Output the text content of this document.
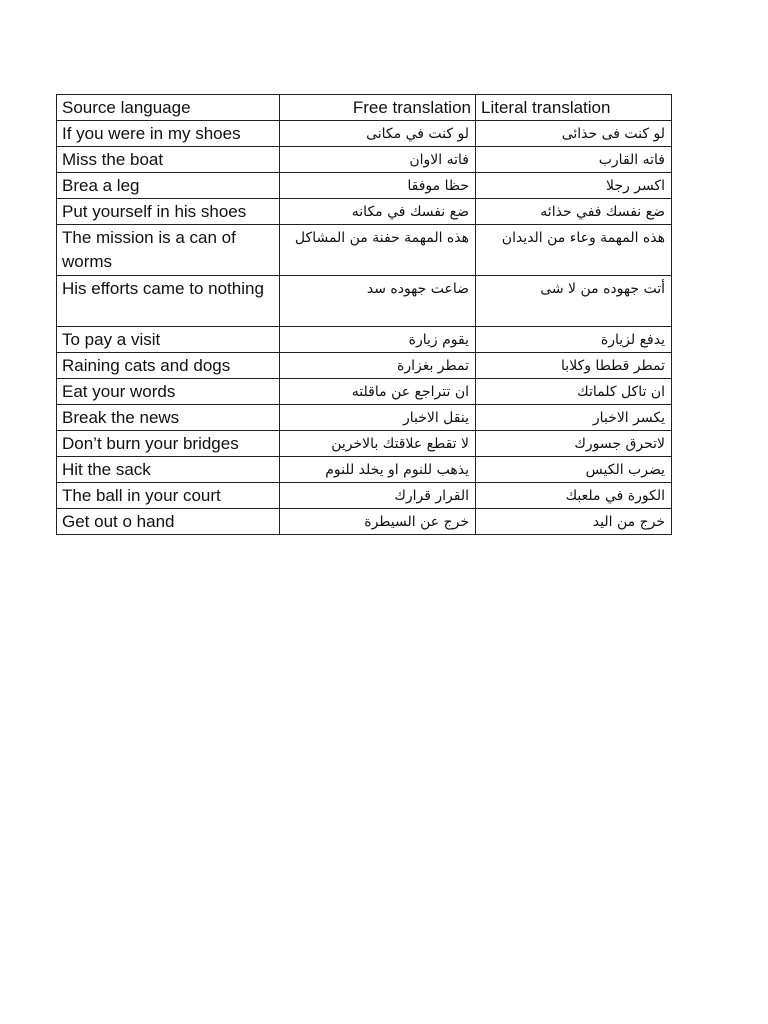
Source language	Free translation	Literal translation
If you were in my shoes	لو كنت في مكانى	لو كنت فى حذائى
Miss the boat	فاته الاوان	فاته القارب
Brea a leg	حظا موفقا	اكسر رجلا
Put yourself in his shoes	ضع نفسك في مكانه	ضع نفسك ففي حذائه
The mission is a can of worms	هذه المهمة حفنة من المشاكل	هذه المهمة وعاء من الديدان
His efforts came to nothing	ضاعت جهوده سد	أتت جهوده من لا شى
To pay a visit	يقوم زيارة	يدفع لزيارة
Raining cats and dogs	تمطر بغزارة	تمطر قططا وكلابا
Eat your words	ان تتراجع عن ماقلته	ان تاكل كلماتك
Break the news	ينقل الاخبار	يكسر الاخبار
Don’t burn your bridges	لا تقطع علاقتك بالاخرين	لاتحرق جسورك
Hit the sack	يذهب للنوم او يخلد للنوم	يضرب الكيس
The ball in your court	القرار قرارك	الكورة في ملعبك
Get out o hand	خرج عن السيطرة	خرج من اليد
